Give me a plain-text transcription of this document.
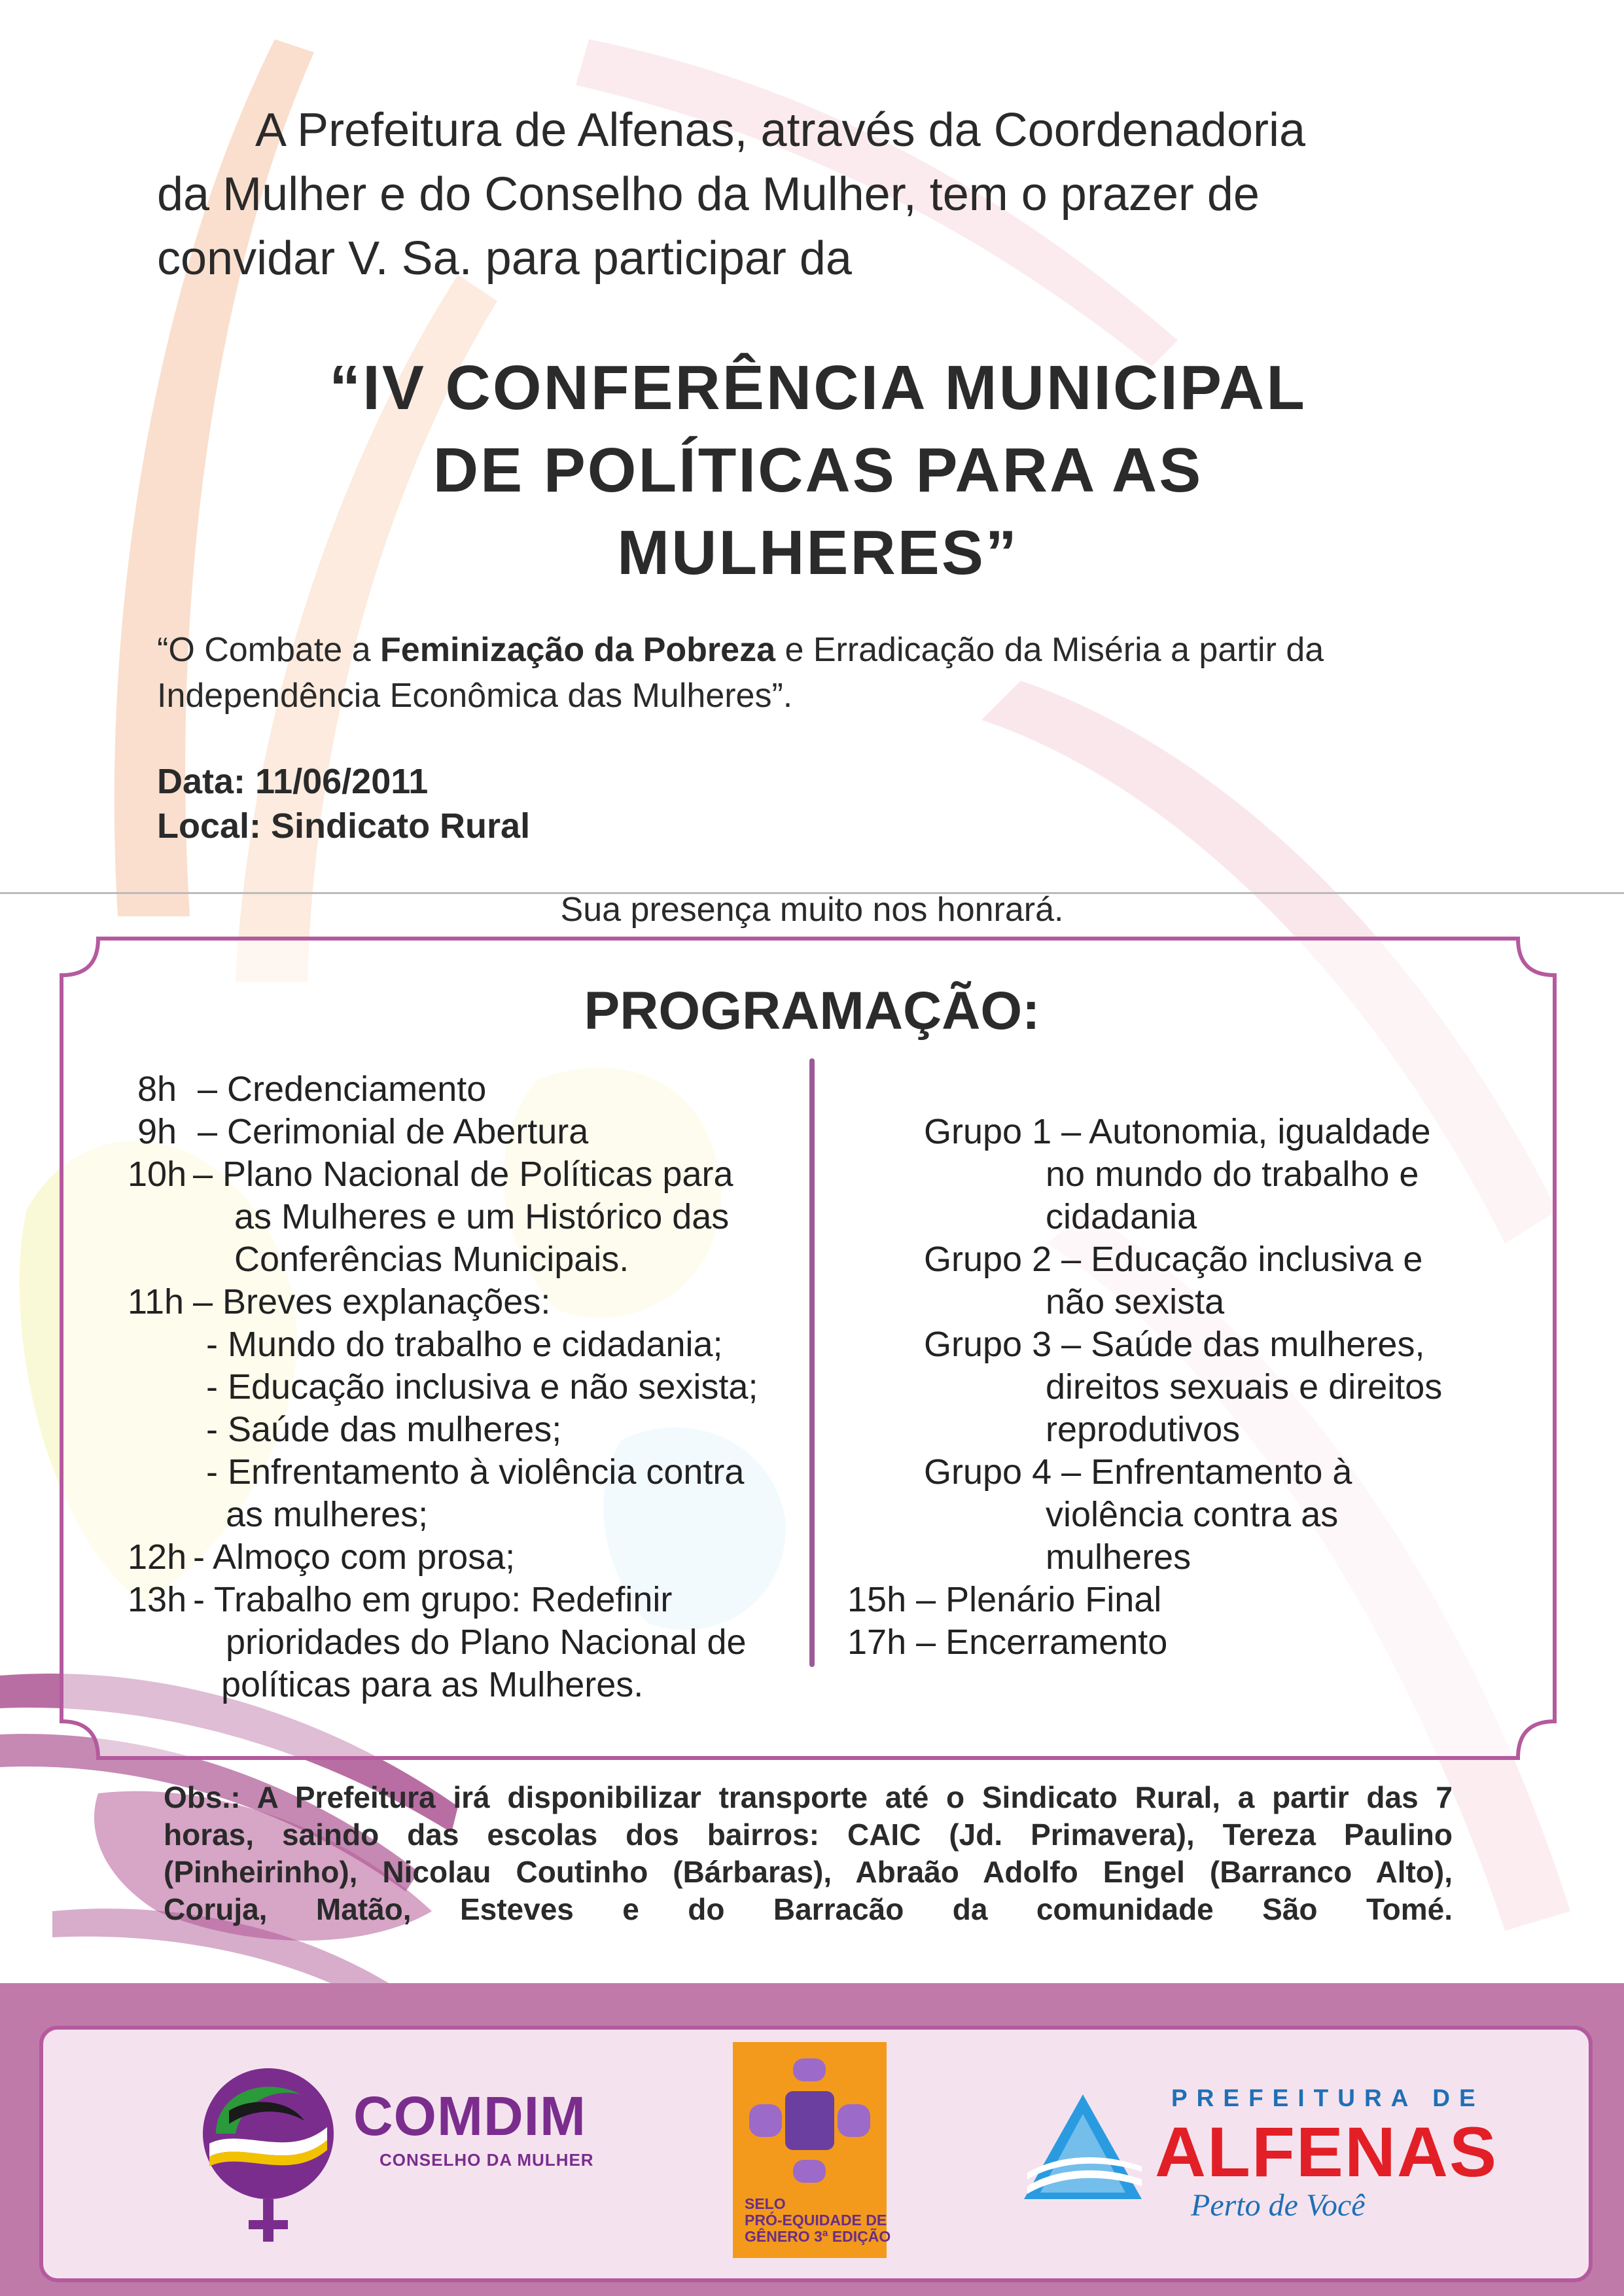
A Prefeitura de Alfenas, através da Coordenadoria
da Mulher e do Conselho da Mulher, tem o prazer de
convidar V. Sa. para participar da
“IV CONFERÊNCIA MUNICIPAL
DE POLÍTICAS PARA AS
MULHERES”
“O Combate a Feminização da Pobreza e Erradicação da Miséria a partir da
Independência Econômica das Mulheres”.
Data: 11/06/2011
Local: Sindicato Rural
Sua presença muito nos honrará.
PROGRAMAÇÃO:
8h – Credenciamento
9h – Cerimonial de Abertura
10h – Plano Nacional de Políticas para
as Mulheres e um Histórico das
Conferências Municipais.
11h – Breves explanações:
- Mundo do trabalho e cidadania;
- Educação inclusiva e não sexista;
- Saúde das mulheres;
- Enfrentamento à violência contra
as mulheres;
12h - Almoço com prosa;
13h - Trabalho em grupo: Redefinir
prioridades do Plano Nacional de
políticas para as Mulheres.
Grupo 1 – Autonomia, igualdade
no mundo do trabalho e
cidadania
Grupo 2 – Educação inclusiva e
não sexista
Grupo 3 – Saúde das mulheres,
direitos sexuais e direitos
reprodutivos
Grupo 4 – Enfrentamento à
violência contra as
mulheres
15h – Plenário Final
17h – Encerramento
Obs.: A Prefeitura irá disponibilizar transporte até o Sindicato Rural, a partir das 7
horas, saindo das escolas dos bairros: CAIC (Jd. Primavera), Tereza Paulino
(Pinheirinho), Nicolau Coutinho (Bárbaras), Abraão Adolfo Engel (Barranco Alto),
Coruja, Matão, Esteves e do Barracão da comunidade São Tomé.
COMDIM
CONSELHO DA MULHER
SELO
PRÓ-EQUIDADE DE
GÊNERO 3ª EDIÇÃO
PREFEITURA DE
ALFENAS
Perto de Você
